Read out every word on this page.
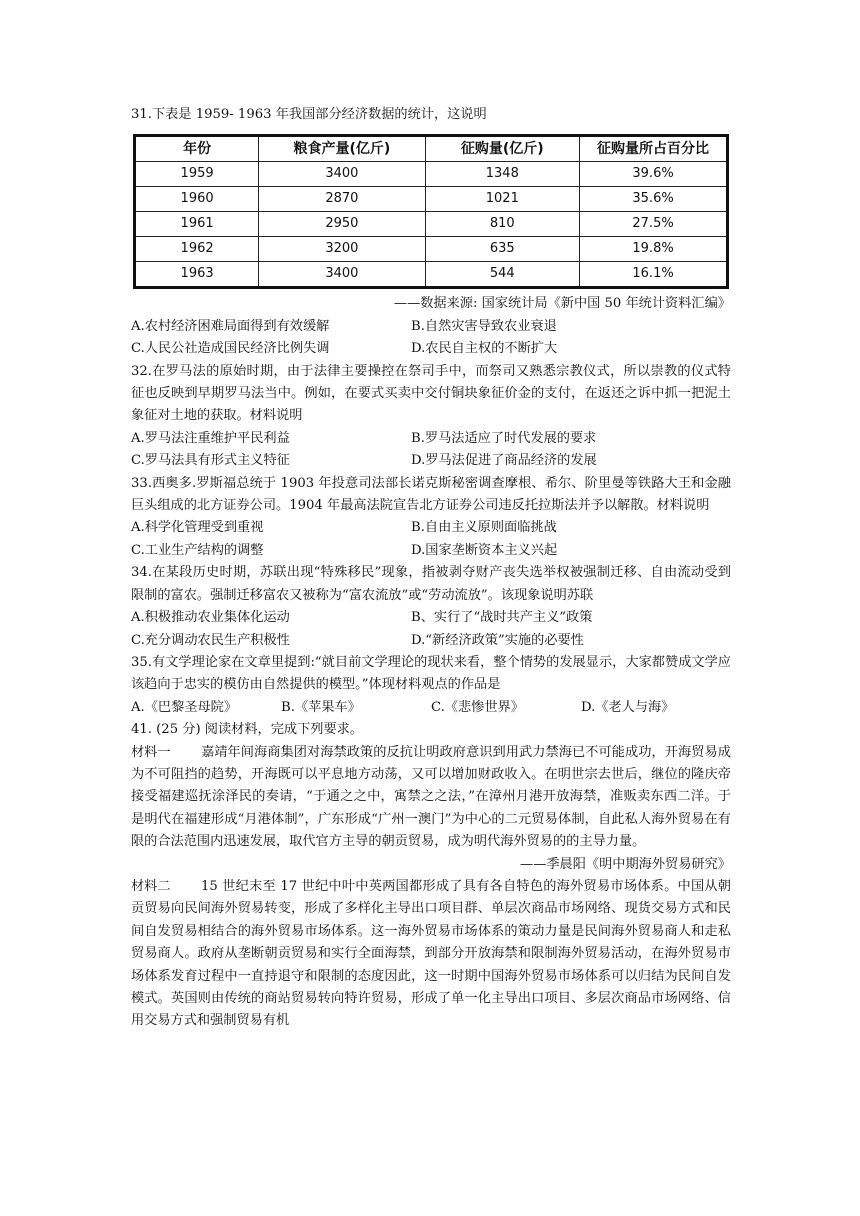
31.下表是 1959- 1963 年我国部分经济数据的统计，这说明
年份	粮食产量(亿斤)	征购量(亿斤)	征购量所占百分比
1959	3400	1348	39.6%
1960	2870	1021	35.6%
1961	2950	810	27.5%
1962	3200	635	19.8%
1963	3400	544	16.1%
——数据来源: 国家统计局《新中国 50 年统计资料汇编》
A.农村经济困难局面得到有效缓解	B.自然灾害导致农业衰退
C.人民公社造成国民经济比例失调	D.农民自主权的不断扩大
32.在罗马法的原始时期，由于法律主要操控在祭司手中，而祭司又熟悉宗教仪式，所以崇教的仪式特征也反映到早期罗马法当中。例如，在要式买卖中交付铜块象征价金的支付，在返还之诉中抓一把泥土象征对土地的获取。材料说明
A.罗马法注重维护平民利益	B.罗马法适应了时代发展的要求
C.罗马法具有形式主义特征	D.罗马法促进了商品经济的发展
33.西奥多.罗斯福总统于 1903 年投意司法部长诺克斯秘密调查摩根、希尔、阶里曼等铁路大王和金融巨头组成的北方证券公司。1904 年最高法院宣告北方证券公司违反托拉斯法并予以解散。材料说明
A.科学化管理受到重视	B.自由主义原则面临挑战
C.工业生产结构的调整	D.国家垄断资本主义兴起
34.在某段历史时期，苏联出现“特殊移民”现象，指被剥夺财产丧失选举权被强制迁移、自由流动受到限制的富农。强制迁移富农又被称为“富农流放”或“劳动流放”。该现象说明苏联
A.积极推动农业集体化运动	B、实行了“战时共产主义”政策
C.充分调动农民生产积极性	D.“新经济政策”实施的必要性
35.有文学理论家在文章里提到:“就目前文学理论的现状来看，整个情势的发展显示，大家都赞成文学应该趋向于忠实的模仿由自然提供的模型。”体现材料观点的作品是
A.《巴黎圣母院》	B.《苹果车》	C.《悲惨世界》	D.《老人与海》
41. (25 分) 阅读材料，完成下列要求。
材料一 嘉靖年间海商集团对海禁政策的反抗让明政府意识到用武力禁海已不可能成功，开海贸易成为不可阻挡的趋势，开海既可以平息地方动荡，又可以增加财政收入。在明世宗去世后，继位的隆庆帝接受福建巡抚涂泽民的奏请，“于通之之中，寓禁之之法，”在漳州月港开放海禁，准贩卖东西二洋。于是明代在福建形成“月港体制”，广东形成“广州一澳门”为中心的二元贸易体制，自此私人海外贸易在有限的合法范围内迅速发展，取代官方主导的朝贡贸易，成为明代海外贸易的的主导力量。
——季晨阳《明中期海外贸易研究》
材料二 15 世纪末至 17 世纪中叶中英两国都形成了具有各自特色的海外贸易市场体系。中国从朝贡贸易向民间海外贸易转变，形成了多样化主导出口项目群、单层次商品市场网络、现货交易方式和民间自发贸易相结合的海外贸易市场体系。这一海外贸易市场体系的策动力量是民间海外贸易商人和走私贸易商人。政府从垄断朝贡贸易和实行全面海禁，到部分开放海禁和限制海外贸易活动，在海外贸易市场体系发育过程中一直持退守和限制的态度因此，这一时期中国海外贸易市场体系可以归结为民间自发模式。英国则由传统的商站贸易转向特许贸易，形成了单一化主导出口项目、多层次商品市场网络、信用交易方式和强制贸易有机
